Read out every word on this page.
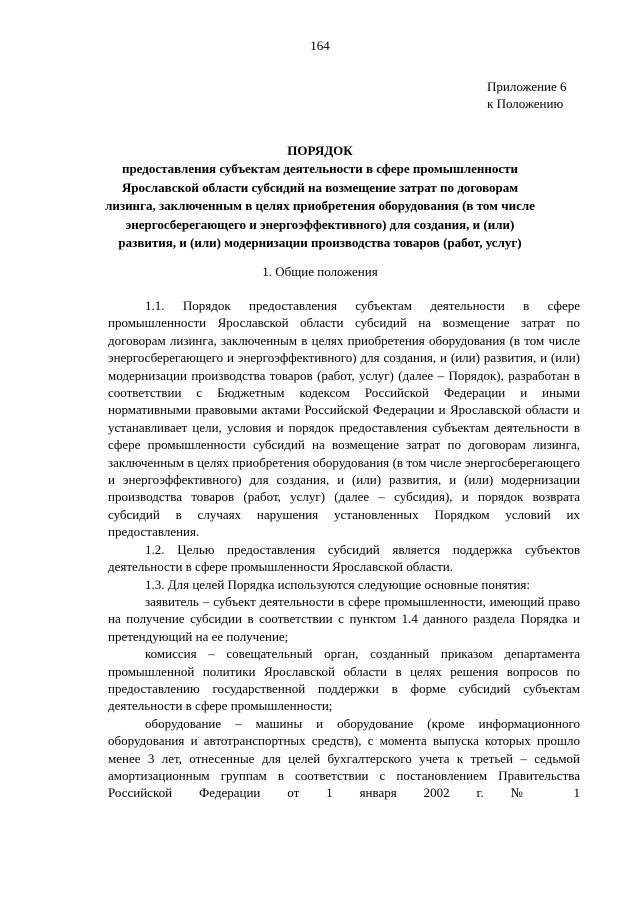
164
Приложение 6
к Положению
ПОРЯДОК
предоставления субъектам деятельности в сфере промышленности
Ярославской области субсидий на возмещение затрат по договорам
лизинга, заключенным в целях приобретения оборудования (в том числе
энергосберегающего и энергоэффективного) для создания, и (или)
развития, и (или) модернизации производства товаров (работ, услуг)
1. Общие положения

1.1. Порядок предоставления субъектам деятельности в сфере промышленности Ярославской области субсидий на возмещение затрат по договорам лизинга, заключенным в целях приобретения оборудования (в том числе энергосберегающего и энергоэффективного) для создания, и (или) развития, и (или) модернизации производства товаров (работ, услуг) (далее – Порядок), разработан в соответствии с Бюджетным кодексом Российской Федерации и иными нормативными правовыми актами Российской Федерации и Ярославской области и устанавливает цели, условия и порядок предоставления субъектам деятельности в сфере промышленности субсидий на возмещение затрат по договорам лизинга, заключенным в целях приобретения оборудования (в том числе энергосберегающего и энергоэффективного) для создания, и (или) развития, и (или) модернизации производства товаров (работ, услуг) (далее – субсидия), и порядок возврата субсидий в случаях нарушения установленных Порядком условий их предоставления.

1.2. Целью предоставления субсидий является поддержка субъектов деятельности в сфере промышленности Ярославской области.

1.3. Для целей Порядка используются следующие основные понятия:

заявитель – субъект деятельности в сфере промышленности, имеющий право на получение субсидии в соответствии с пунктом 1.4 данного раздела Порядка и претендующий на ее получение;

комиссия – совещательный орган, созданный приказом департамента промышленной политики Ярославской области в целях решения вопросов по предоставлению государственной поддержки в форме субсидий субъектам деятельности в сфере промышленности;

оборудование – машины и оборудование (кроме информационного оборудования и автотранспортных средств), с момента выпуска которых прошло менее 3 лет, отнесенные для целей бухгалтерского учета к третьей – седьмой амортизационным группам в соответствии с постановлением Правительства Российской Федерации от 1 января 2002 г. № 1
